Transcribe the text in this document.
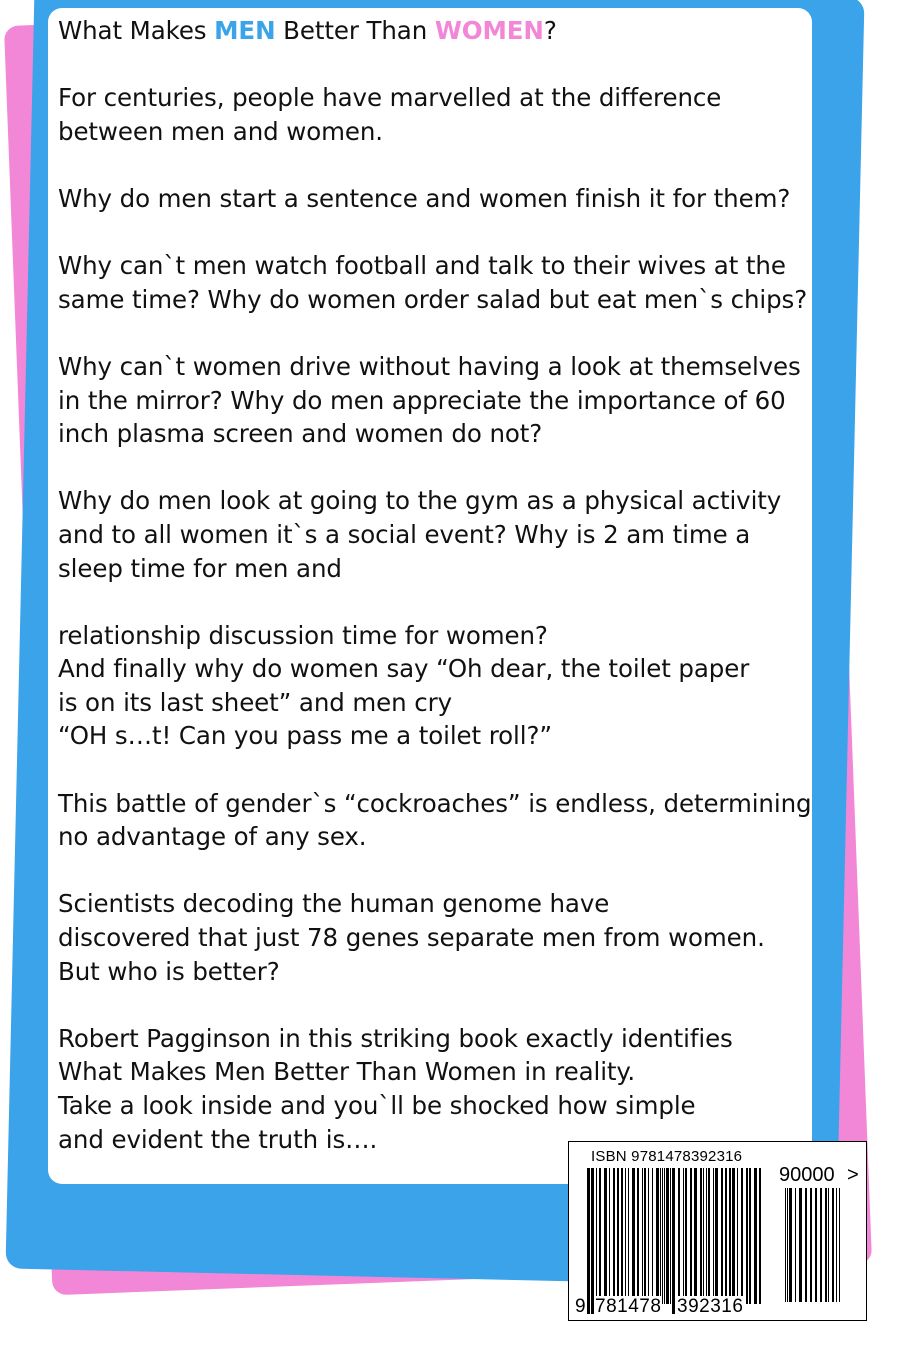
What Makes MEN Better Than WOMEN?

For centuries, people have marvelled at the difference
between men and women.

Why do men start a sentence and women finish it for them?

Why can`t men watch football and talk to their wives at the
same time? Why do women order salad but eat men`s chips?

Why can`t women drive without having a look at themselves
in the mirror? Why do men appreciate the importance of 60
inch plasma screen and women do not?

Why do men look at going to the gym as a physical activity
and to all women it`s a social event? Why is 2 am time a
sleep time for men and

relationship discussion time for women?
And finally why do women say “Oh dear, the toilet paper
is on its last sheet” and men cry
“OH s…t! Can you pass me a toilet roll?”

This battle of gender`s “cockroaches” is endless, determining
no advantage of any sex.

Scientists decoding the human genome have
discovered that just 78 genes separate men from women.
But who is better?

Robert Pagginson in this striking book exactly identifies
What Makes Men Better Than Women in reality.
Take a look inside and you`ll be shocked how simple
and evident the truth is….

ISBN 9781478392316
90000 >
9 781478 392316
